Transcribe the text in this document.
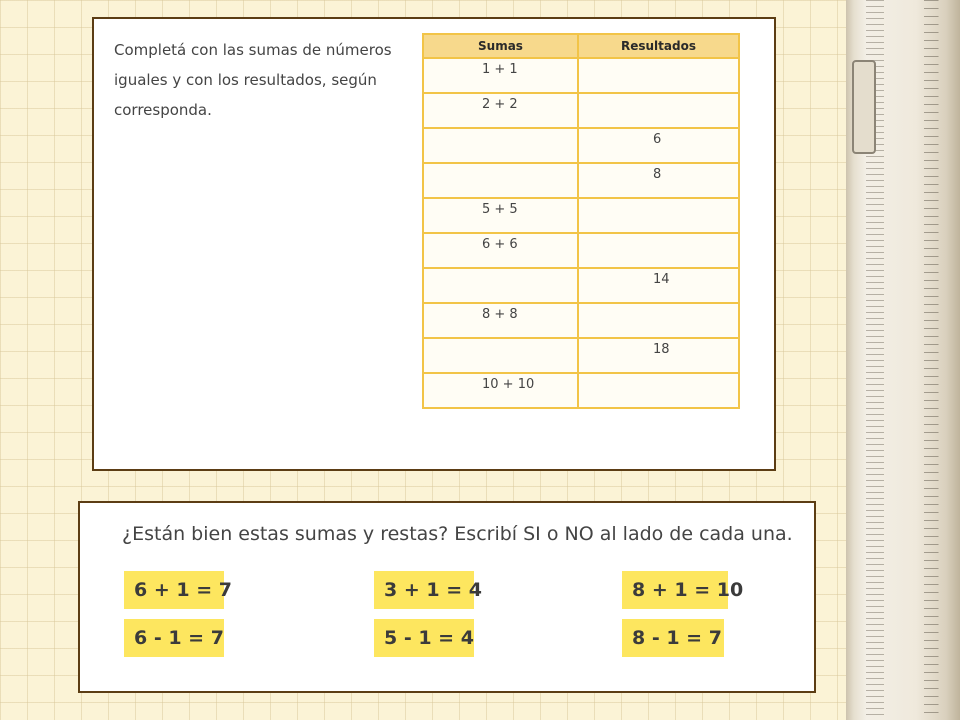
Completá con las sumas de números
iguales y con los resultados, según
corresponda.
Sumas	Resultados
1 + 1	
2 + 2	
	6
	8
5 + 5	
6 + 6	
	14
8 + 8	
	18
10 + 10	
¿Están bien estas sumas y restas? Escribí SI o NO al lado de cada una.
6 + 1 = 7	3 + 1 = 4	8 + 1 = 10
6 - 1 = 7	5 - 1 = 4	8 - 1 = 7
